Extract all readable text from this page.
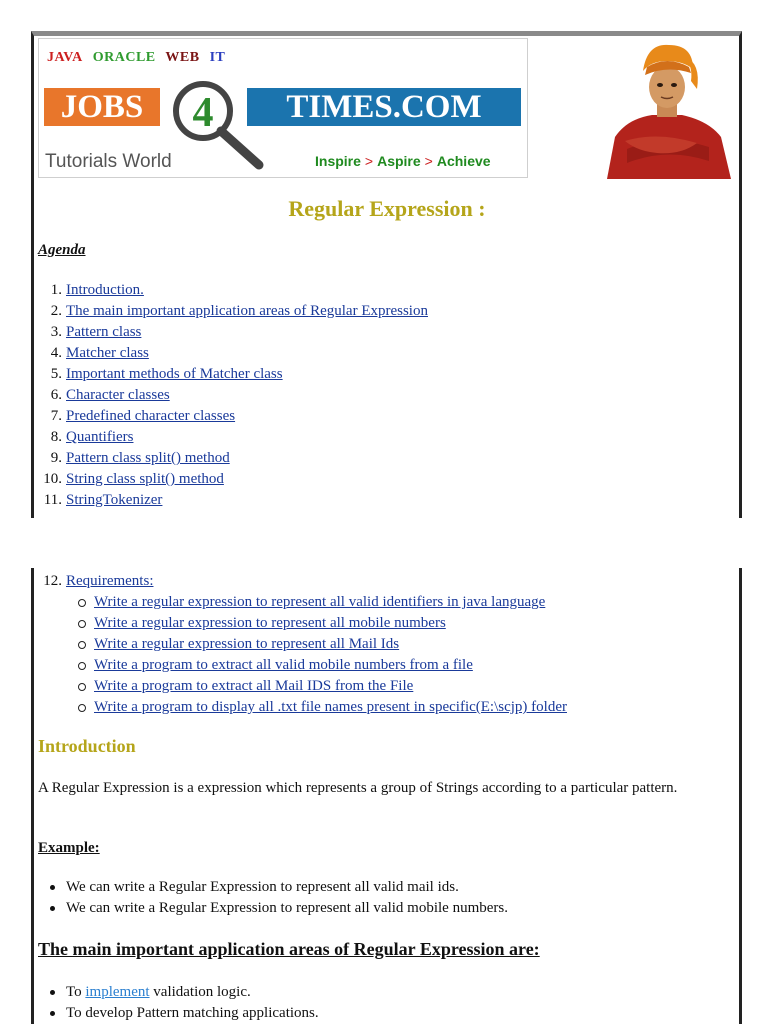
JAVA ORACLE WEB IT
JOBS	4	TIMES.COM
Tutorials World	Inspire > Aspire > Achieve
Regular Expression :
Agenda
1. Introduction.
2. The main important application areas of Regular Expression
3. Pattern class
4. Matcher class
5. Important methods of Matcher class
6. Character classes
7. Predefined character classes
8. Quantifiers
9. Pattern class split() method
10. String class split() method
11. StringTokenizer
12. Requirements:
Write a regular expression to represent all valid identifiers in java language
Write a regular expression to represent all mobile numbers
Write a regular expression to represent all Mail Ids
Write a program to extract all valid mobile numbers from a file
Write a program to extract all Mail IDS from the File
Write a program to display all .txt file names present in specific(E:\scjp) folder
Introduction
A Regular Expression is a expression which represents a group of Strings according to a particular pattern.
Example:
We can write a Regular Expression to represent all valid mail ids.
We can write a Regular Expression to represent all valid mobile numbers.
The main important application areas of Regular Expression are:
To implement validation logic.
To develop Pattern matching applications.
